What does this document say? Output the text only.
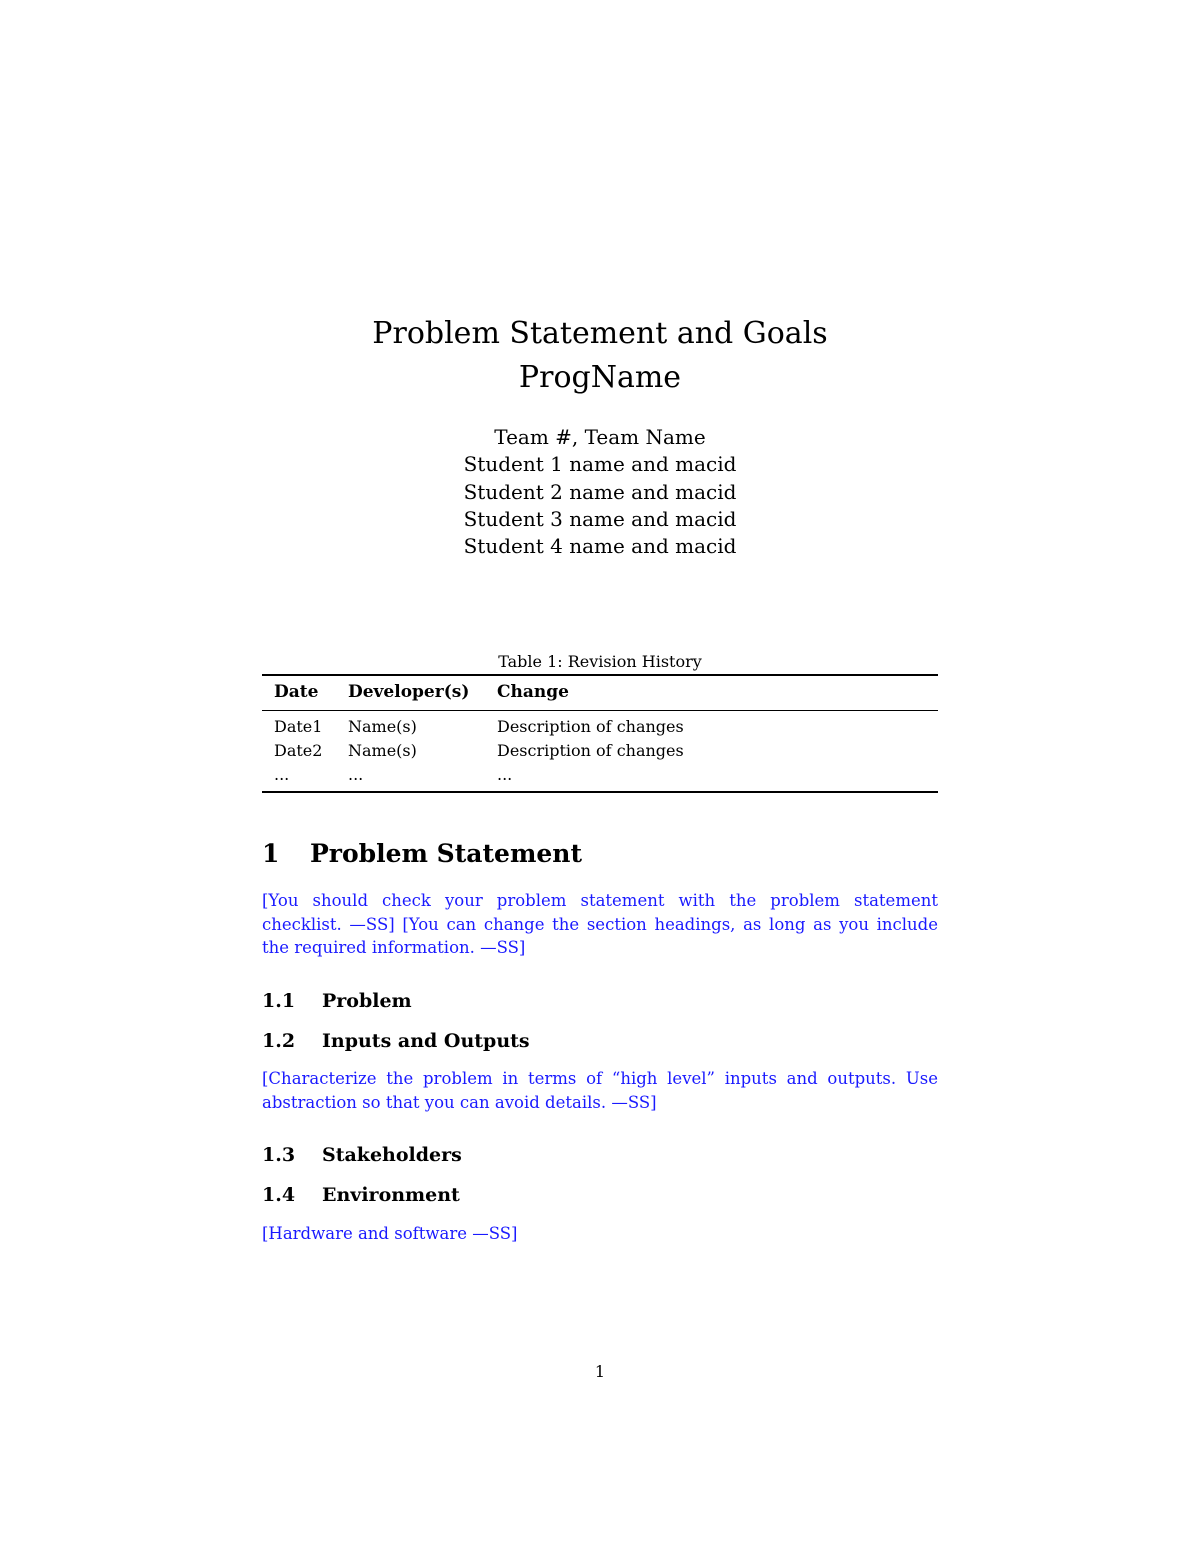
Problem Statement and Goals
ProgName
Team #, Team Name
Student 1 name and macid
Student 2 name and macid
Student 3 name and macid
Student 4 name and macid
Table 1: Revision History

Date	Developer(s)	Change
Date1	Name(s)	Description of changes
Date2	Name(s)	Description of changes
...	...	...
1 Problem Statement

[You should check your problem statement with the problem statement checklist. —SS] [You can change the section headings, as long as you include the required information. —SS]

1.1 Problem
1.2 Inputs and Outputs

[Characterize the problem in terms of “high level” inputs and outputs. Use abstraction so that you can avoid details. —SS]

1.3 Stakeholders
1.4 Environment

[Hardware and software —SS]

1
